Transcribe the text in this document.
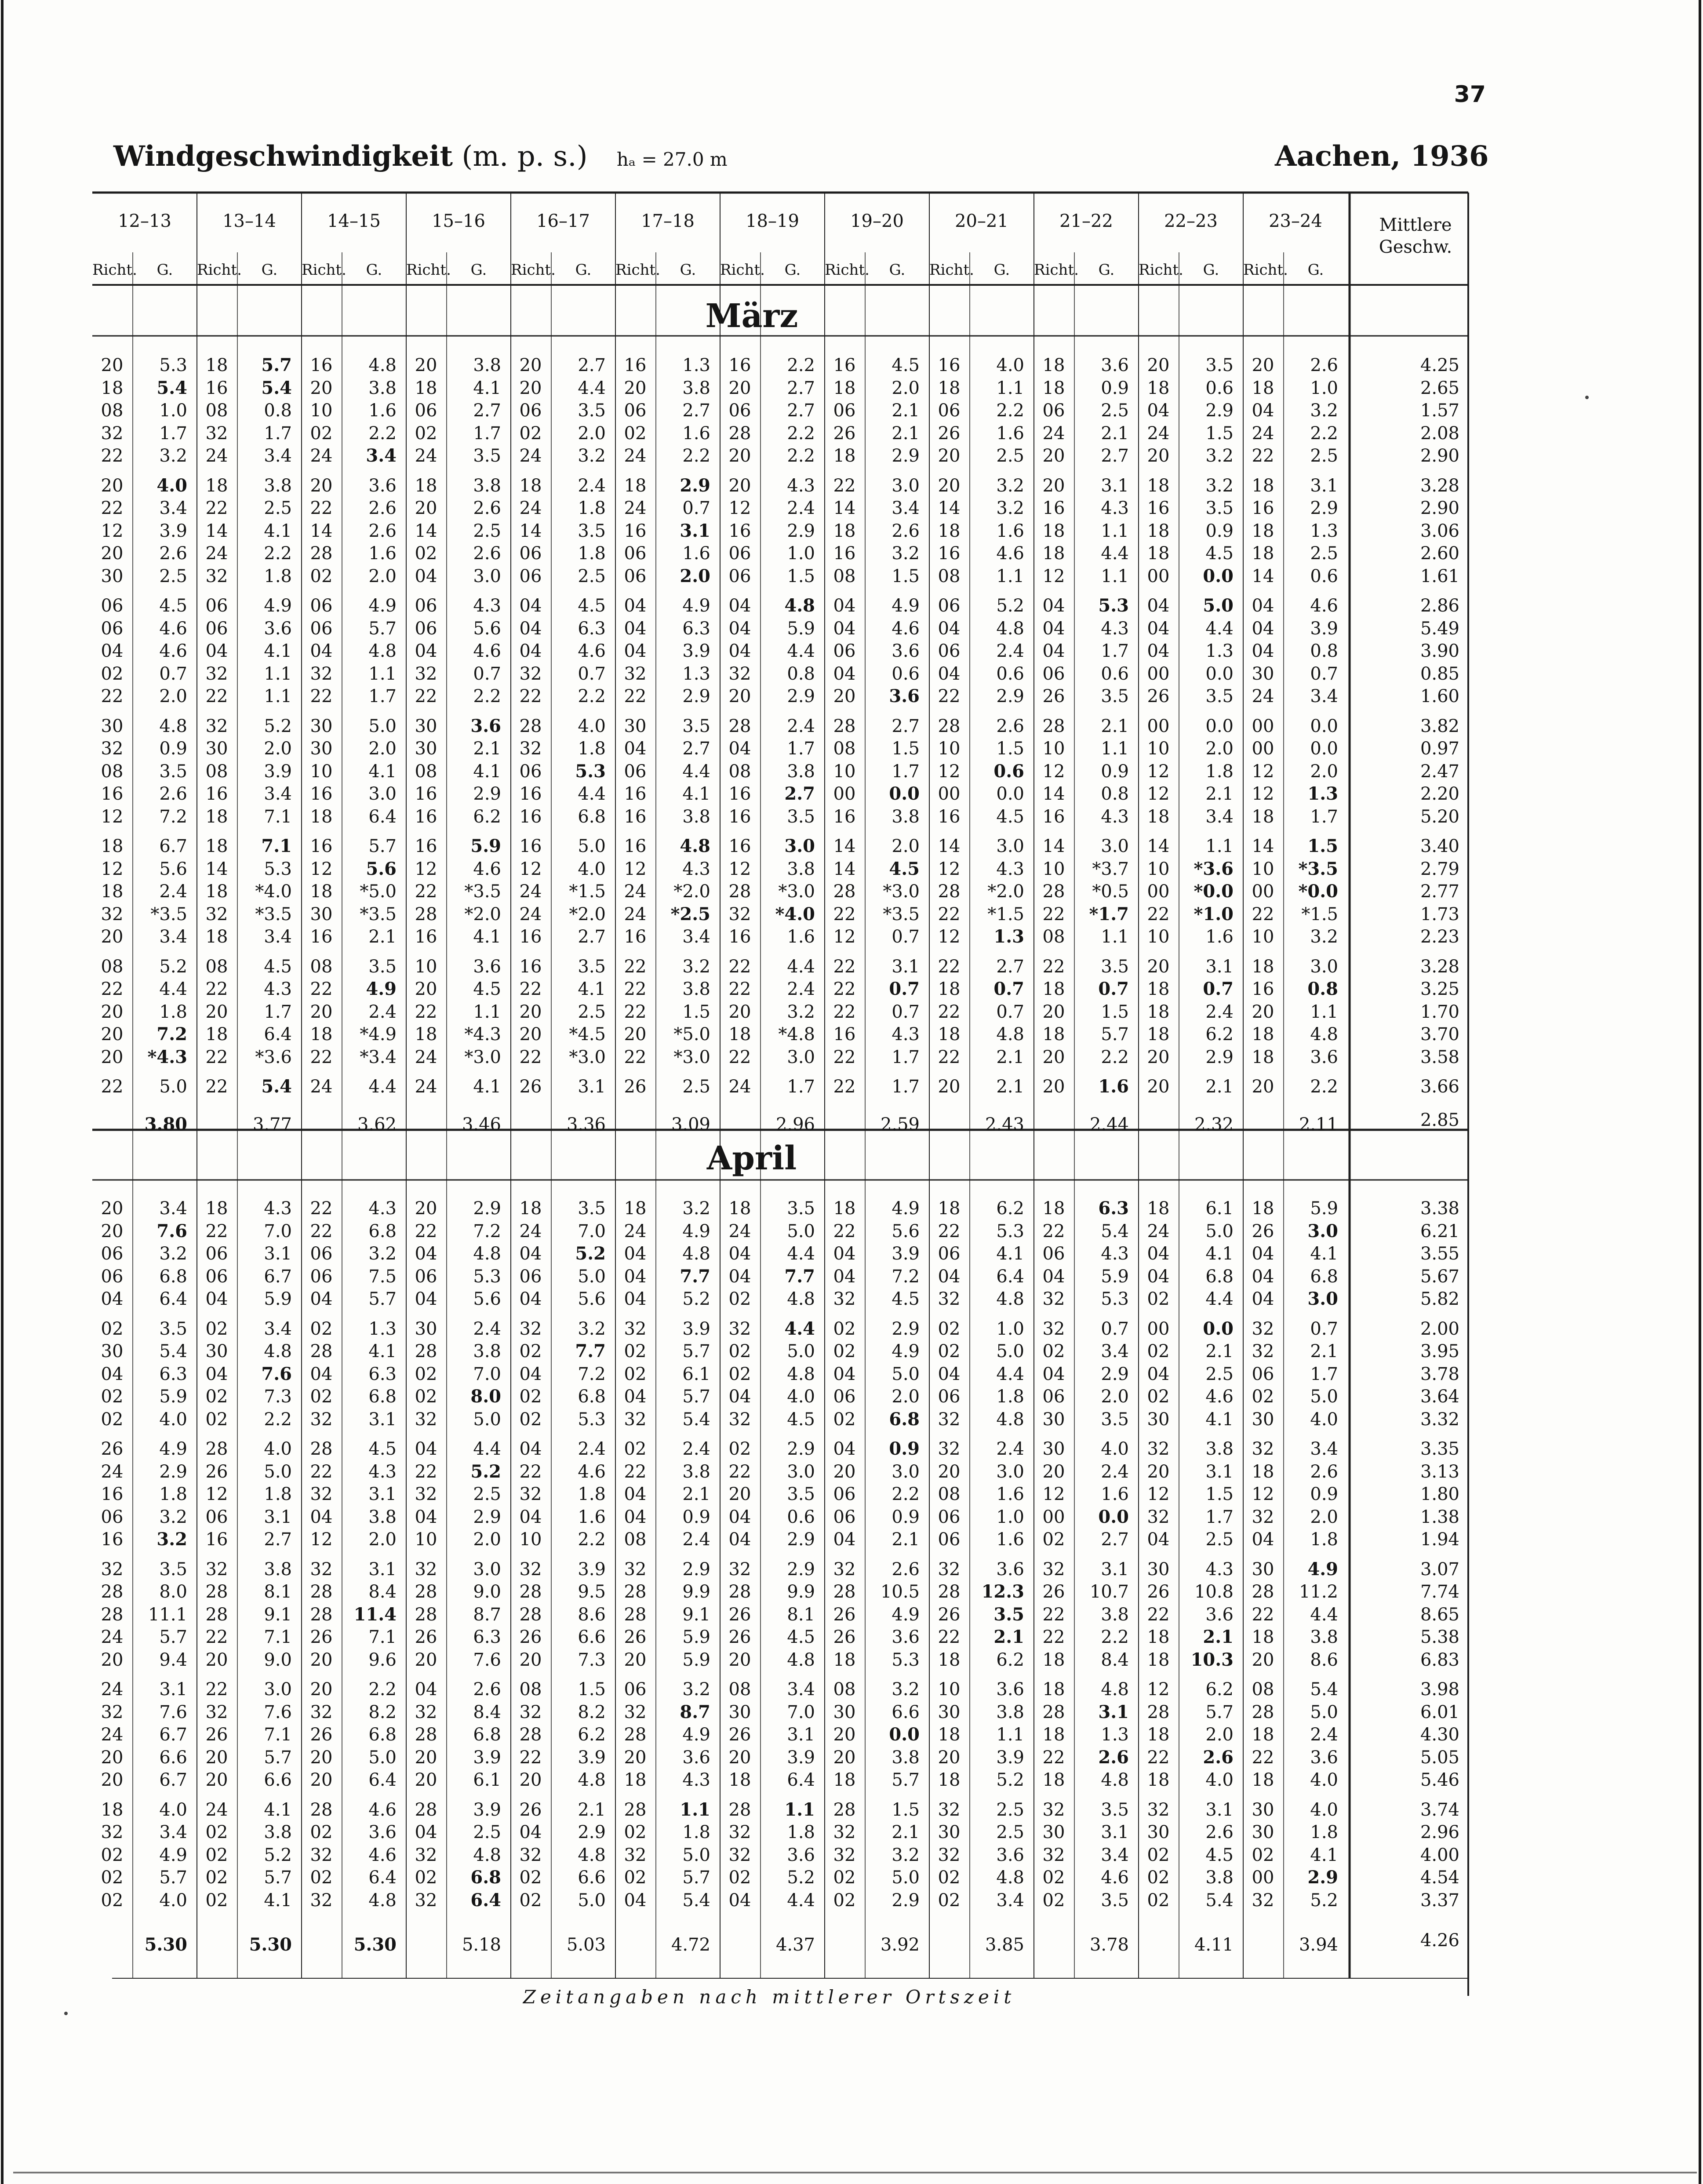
37
Windgeschwindigkeit (m. p. s.) hₐ = 27.0 m	Aachen, 1936
12–13
Richt.	G.
13–14
Richt.	G.
14–15
Richt.	G.
15–16
Richt.	G.
16–17
Richt.	G.
17–18
Richt.	G.
18–19
Richt.	G.
19–20
Richt.	G.
20–21
Richt.	G.
21–22
Richt.	G.
22–23
Richt.	G.
23–24
Richt.	G.
Mittlere
Geschw.
März
April
20	5.3	18	5.7	16	4.8	20	3.8	20	2.7	16	1.3	16	2.2	16	4.5	16	4.0	18	3.6	20	3.5	20	2.6	4.25
18	5.4	16	5.4	20	3.8	18	4.1	20	4.4	20	3.8	20	2.7	18	2.0	18	1.1	18	0.9	18	0.6	18	1.0	2.65
08	1.0	08	0.8	10	1.6	06	2.7	06	3.5	06	2.7	06	2.7	06	2.1	06	2.2	06	2.5	04	2.9	04	3.2	1.57
32	1.7	32	1.7	02	2.2	02	1.7	02	2.0	02	1.6	28	2.2	26	2.1	26	1.6	24	2.1	24	1.5	24	2.2	2.08
22	3.2	24	3.4	24	3.4	24	3.5	24	3.2	24	2.2	20	2.2	18	2.9	20	2.5	20	2.7	20	3.2	22	2.5	2.90
20	4.0	18	3.8	20	3.6	18	3.8	18	2.4	18	2.9	20	4.3	22	3.0	20	3.2	20	3.1	18	3.2	18	3.1	3.28
22	3.4	22	2.5	22	2.6	20	2.6	24	1.8	24	0.7	12	2.4	14	3.4	14	3.2	16	4.3	16	3.5	16	2.9	2.90
12	3.9	14	4.1	14	2.6	14	2.5	14	3.5	16	3.1	16	2.9	18	2.6	18	1.6	18	1.1	18	0.9	18	1.3	3.06
20	2.6	24	2.2	28	1.6	02	2.6	06	1.8	06	1.6	06	1.0	16	3.2	16	4.6	18	4.4	18	4.5	18	2.5	2.60
30	2.5	32	1.8	02	2.0	04	3.0	06	2.5	06	2.0	06	1.5	08	1.5	08	1.1	12	1.1	00	0.0	14	0.6	1.61
06	4.5	06	4.9	06	4.9	06	4.3	04	4.5	04	4.9	04	4.8	04	4.9	06	5.2	04	5.3	04	5.0	04	4.6	2.86
06	4.6	06	3.6	06	5.7	06	5.6	04	6.3	04	6.3	04	5.9	04	4.6	04	4.8	04	4.3	04	4.4	04	3.9	5.49
04	4.6	04	4.1	04	4.8	04	4.6	04	4.6	04	3.9	04	4.4	06	3.6	06	2.4	04	1.7	04	1.3	04	0.8	3.90
02	0.7	32	1.1	32	1.1	32	0.7	32	0.7	32	1.3	32	0.8	04	0.6	04	0.6	06	0.6	00	0.0	30	0.7	0.85
22	2.0	22	1.1	22	1.7	22	2.2	22	2.2	22	2.9	20	2.9	20	3.6	22	2.9	26	3.5	26	3.5	24	3.4	1.60
30	4.8	32	5.2	30	5.0	30	3.6	28	4.0	30	3.5	28	2.4	28	2.7	28	2.6	28	2.1	00	0.0	00	0.0	3.82
32	0.9	30	2.0	30	2.0	30	2.1	32	1.8	04	2.7	04	1.7	08	1.5	10	1.5	10	1.1	10	2.0	00	0.0	0.97
08	3.5	08	3.9	10	4.1	08	4.1	06	5.3	06	4.4	08	3.8	10	1.7	12	0.6	12	0.9	12	1.8	12	2.0	2.47
16	2.6	16	3.4	16	3.0	16	2.9	16	4.4	16	4.1	16	2.7	00	0.0	00	0.0	14	0.8	12	2.1	12	1.3	2.20
12	7.2	18	7.1	18	6.4	16	6.2	16	6.8	16	3.8	16	3.5	16	3.8	16	4.5	16	4.3	18	3.4	18	1.7	5.20
18	6.7	18	7.1	16	5.7	16	5.9	16	5.0	16	4.8	16	3.0	14	2.0	14	3.0	14	3.0	14	1.1	14	1.5	3.40
12	5.6	14	5.3	12	5.6	12	4.6	12	4.0	12	4.3	12	3.8	14	4.5	12	4.3	10	*3.7	10	*3.6	10	*3.5	2.79
18	2.4	18	*4.0	18	*5.0	22	*3.5	24	*1.5	24	*2.0	28	*3.0	28	*3.0	28	*2.0	28	*0.5	00	*0.0	00	*0.0	2.77
32	*3.5	32	*3.5	30	*3.5	28	*2.0	24	*2.0	24	*2.5	32	*4.0	22	*3.5	22	*1.5	22	*1.7	22	*1.0	22	*1.5	1.73
20	3.4	18	3.4	16	2.1	16	4.1	16	2.7	16	3.4	16	1.6	12	0.7	12	1.3	08	1.1	10	1.6	10	3.2	2.23
08	5.2	08	4.5	08	3.5	10	3.6	16	3.5	22	3.2	22	4.4	22	3.1	22	2.7	22	3.5	20	3.1	18	3.0	3.28
22	4.4	22	4.3	22	4.9	20	4.5	22	4.1	22	3.8	22	2.4	22	0.7	18	0.7	18	0.7	18	0.7	16	0.8	3.25
20	1.8	20	1.7	20	2.4	22	1.1	20	2.5	22	1.5	20	3.2	22	0.7	22	0.7	20	1.5	18	2.4	20	1.1	1.70
20	7.2	18	6.4	18	*4.9	18	*4.3	20	*4.5	20	*5.0	18	*4.8	16	4.3	18	4.8	18	5.7	18	6.2	18	4.8	3.70
20	*4.3	22	*3.6	22	*3.4	24	*3.0	22	*3.0	22	*3.0	22	3.0	22	1.7	22	2.1	20	2.2	20	2.9	18	3.6	3.58
22	5.0	22	5.4	24	4.4	24	4.1	26	3.1	26	2.5	24	1.7	22	1.7	20	2.1	20	1.6	20	2.1	20	2.2	3.66
3.80	3.77	3.62	3.46	3.36	3.09	2.96	2.59	2.43	2.44	2.32	2.11	2.85
20	3.4	18	4.3	22	4.3	20	2.9	18	3.5	18	3.2	18	3.5	18	4.9	18	6.2	18	6.3	18	6.1	18	5.9	3.38
20	7.6	22	7.0	22	6.8	22	7.2	24	7.0	24	4.9	24	5.0	22	5.6	22	5.3	22	5.4	24	5.0	26	3.0	6.21
06	3.2	06	3.1	06	3.2	04	4.8	04	5.2	04	4.8	04	4.4	04	3.9	06	4.1	06	4.3	04	4.1	04	4.1	3.55
06	6.8	06	6.7	06	7.5	06	5.3	06	5.0	04	7.7	04	7.7	04	7.2	04	6.4	04	5.9	04	6.8	04	6.8	5.67
04	6.4	04	5.9	04	5.7	04	5.6	04	5.6	04	5.2	02	4.8	32	4.5	32	4.8	32	5.3	02	4.4	04	3.0	5.82
02	3.5	02	3.4	02	1.3	30	2.4	32	3.2	32	3.9	32	4.4	02	2.9	02	1.0	32	0.7	00	0.0	32	0.7	2.00
30	5.4	30	4.8	28	4.1	28	3.8	02	7.7	02	5.7	02	5.0	02	4.9	02	5.0	02	3.4	02	2.1	32	2.1	3.95
04	6.3	04	7.6	04	6.3	02	7.0	04	7.2	02	6.1	02	4.8	04	5.0	04	4.4	04	2.9	04	2.5	06	1.7	3.78
02	5.9	02	7.3	02	6.8	02	8.0	02	6.8	04	5.7	04	4.0	06	2.0	06	1.8	06	2.0	02	4.6	02	5.0	3.64
02	4.0	02	2.2	32	3.1	32	5.0	02	5.3	32	5.4	32	4.5	02	6.8	32	4.8	30	3.5	30	4.1	30	4.0	3.32
26	4.9	28	4.0	28	4.5	04	4.4	04	2.4	02	2.4	02	2.9	04	0.9	32	2.4	30	4.0	32	3.8	32	3.4	3.35
24	2.9	26	5.0	22	4.3	22	5.2	22	4.6	22	3.8	22	3.0	20	3.0	20	3.0	20	2.4	20	3.1	18	2.6	3.13
16	1.8	12	1.8	32	3.1	32	2.5	32	1.8	04	2.1	20	3.5	06	2.2	08	1.6	12	1.6	12	1.5	12	0.9	1.80
06	3.2	06	3.1	04	3.8	04	2.9	04	1.6	04	0.9	04	0.6	06	0.9	06	1.0	00	0.0	32	1.7	32	2.0	1.38
16	3.2	16	2.7	12	2.0	10	2.0	10	2.2	08	2.4	04	2.9	04	2.1	06	1.6	02	2.7	04	2.5	04	1.8	1.94
32	3.5	32	3.8	32	3.1	32	3.0	32	3.9	32	2.9	32	2.9	32	2.6	32	3.6	32	3.1	30	4.3	30	4.9	3.07
28	8.0	28	8.1	28	8.4	28	9.0	28	9.5	28	9.9	28	9.9	28	10.5	28	12.3	26	10.7	26	10.8	28	11.2	7.74
28	11.1	28	9.1	28	11.4	28	8.7	28	8.6	28	9.1	26	8.1	26	4.9	26	3.5	22	3.8	22	3.6	22	4.4	8.65
24	5.7	22	7.1	26	7.1	26	6.3	26	6.6	26	5.9	26	4.5	26	3.6	22	2.1	22	2.2	18	2.1	18	3.8	5.38
20	9.4	20	9.0	20	9.6	20	7.6	20	7.3	20	5.9	20	4.8	18	5.3	18	6.2	18	8.4	18	10.3	20	8.6	6.83
24	3.1	22	3.0	20	2.2	04	2.6	08	1.5	06	3.2	08	3.4	08	3.2	10	3.6	18	4.8	12	6.2	08	5.4	3.98
32	7.6	32	7.6	32	8.2	32	8.4	32	8.2	32	8.7	30	7.0	30	6.6	30	3.8	28	3.1	28	5.7	28	5.0	6.01
24	6.7	26	7.1	26	6.8	28	6.8	28	6.2	28	4.9	26	3.1	20	0.0	18	1.1	18	1.3	18	2.0	18	2.4	4.30
20	6.6	20	5.7	20	5.0	20	3.9	22	3.9	20	3.6	20	3.9	20	3.8	20	3.9	22	2.6	22	2.6	22	3.6	5.05
20	6.7	20	6.6	20	6.4	20	6.1	20	4.8	18	4.3	18	6.4	18	5.7	18	5.2	18	4.8	18	4.0	18	4.0	5.46
18	4.0	24	4.1	28	4.6	28	3.9	26	2.1	28	1.1	28	1.1	28	1.5	32	2.5	32	3.5	32	3.1	30	4.0	3.74
32	3.4	02	3.8	02	3.6	04	2.5	04	2.9	02	1.8	32	1.8	32	2.1	30	2.5	30	3.1	30	2.6	30	1.8	2.96
02	4.9	02	5.2	32	4.6	32	4.8	32	4.8	32	5.0	32	3.6	32	3.2	32	3.6	32	3.4	02	4.5	02	4.1	4.00
02	5.7	02	5.7	02	6.4	02	6.8	02	6.6	02	5.7	02	5.2	02	5.0	02	4.8	02	4.6	02	3.8	00	2.9	4.54
02	4.0	02	4.1	32	4.8	32	6.4	02	5.0	04	5.4	04	4.4	02	2.9	02	3.4	02	3.5	02	5.4	32	5.2	3.37
5.30	5.30	5.30	5.18	5.03	4.72	4.37	3.92	3.85	3.78	4.11	3.94	4.26
Zeitangaben nach mittlerer Ortszeit
